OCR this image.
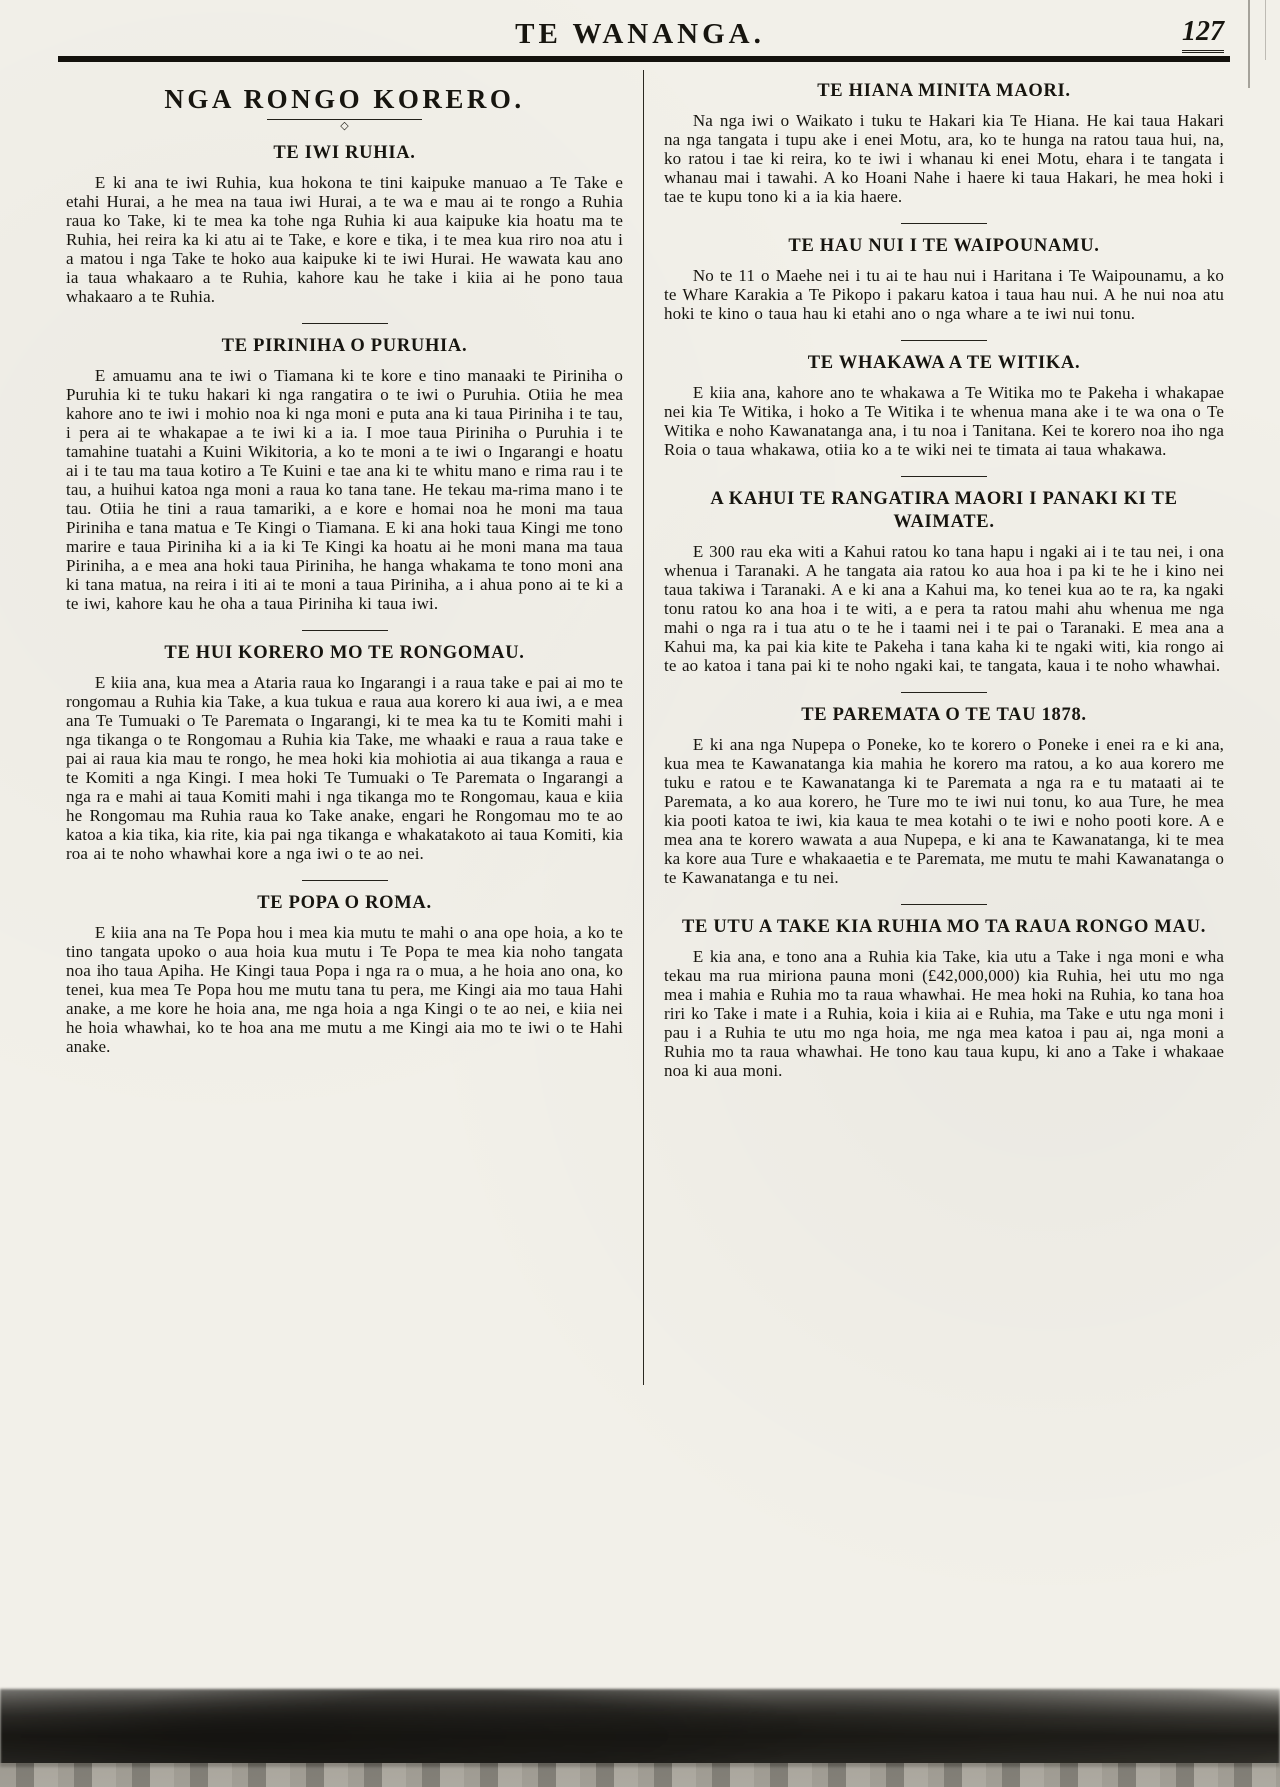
TE WANANGA.	127
NGA RONGO KORERO.
◇
TE IWI RUHIA.

E ki ana te iwi Ruhia, kua hokona te tini kaipuke manuao a Te Take e etahi Hurai, a he mea na taua iwi Hurai, a te wa e mau ai te rongo a Ruhia raua ko Take, ki te mea ka tohe nga Ruhia ki aua kaipuke kia hoatu ma te Ruhia, hei reira ka ki atu ai te Take, e kore e tika, i te mea kua riro noa atu i a matou i nga Take te hoko aua kaipuke ki te iwi Hurai. He wawata kau ano ia taua whakaaro a te Ruhia, kahore kau he take i kiia ai he pono taua whakaaro a te Ruhia.

TE PIRINIHA O PURUHIA.

E amuamu ana te iwi o Tiamana ki te kore e tino manaaki te Piriniha o Puruhia ki te tuku hakari ki nga rangatira o te iwi o Puruhia. Otiia he mea kahore ano te iwi i mohio noa ki nga moni e puta ana ki taua Piriniha i te tau, i pera ai te whakapae a te iwi ki a ia. I moe taua Piriniha o Puruhia i te tamahine tuatahi a Kuini Wikitoria, a ko te moni a te iwi o Ingarangi e hoatu ai i te tau ma taua kotiro a Te Kuini e tae ana ki te whitu mano e rima rau i te tau, a huihui katoa nga moni a raua ko tana tane. He tekau ma-rima mano i te tau. Otiia he tini a raua tamariki, a e kore e homai noa he moni ma taua Piriniha e tana matua e Te Kingi o Tiamana. E ki ana hoki taua Kingi me tono marire e taua Piriniha ki a ia ki Te Kingi ka hoatu ai he moni mana ma taua Piriniha, a e mea ana hoki taua Piriniha, he hanga whakama te tono moni ana ki tana matua, na reira i iti ai te moni a taua Piriniha, a i ahua pono ai te ki a te iwi, kahore kau he oha a taua Piriniha ki taua iwi.

TE HUI KORERO MO TE RONGOMAU.

E kiia ana, kua mea a Ataria raua ko Ingarangi i a raua take e pai ai mo te rongomau a Ruhia kia Take, a kua tukua e raua aua korero ki aua iwi, a e mea ana Te Tumuaki o Te Paremata o Ingarangi, ki te mea ka tu te Komiti mahi i nga tikanga o te Rongomau a Ruhia kia Take, me whaaki e raua a raua take e pai ai raua kia mau te rongo, he mea hoki kia mohiotia ai aua tikanga a raua e te Komiti a nga Kingi. I mea hoki Te Tumuaki o Te Paremata o Ingarangi a nga ra e mahi ai taua Komiti mahi i nga tikanga mo te Rongomau, kaua e kiia he Rongomau ma Ruhia raua ko Take anake, engari he Rongomau mo te ao katoa a kia tika, kia rite, kia pai nga tikanga e whakatakoto ai taua Komiti, kia roa ai te noho whawhai kore a nga iwi o te ao nei.

TE POPA O ROMA.

E kiia ana na Te Popa hou i mea kia mutu te mahi o ana ope hoia, a ko te tino tangata upoko o aua hoia kua mutu i Te Popa te mea kia noho tangata noa iho taua Apiha. He Kingi taua Popa i nga ra o mua, a he hoia ano ona, ko tenei, kua mea Te Popa hou me mutu tana tu pera, me Kingi aia mo taua Hahi anake, a me kore he hoia ana, me nga hoia a nga Kingi o te ao nei, e kiia nei he hoia whawhai, ko te hoa ana me mutu a me Kingi aia mo te iwi o te Hahi anake.

TE HIANA MINITA MAORI.

Na nga iwi o Waikato i tuku te Hakari kia Te Hiana. He kai taua Hakari na nga tangata i tupu ake i enei Motu, ara, ko te hunga na ratou taua hui, na, ko ratou i tae ki reira, ko te iwi i whanau ki enei Motu, ehara i te tangata i whanau mai i tawahi. A ko Hoani Nahe i haere ki taua Hakari, he mea hoki i tae te kupu tono ki a ia kia haere.

TE HAU NUI I TE WAIPOUNAMU.

No te 11 o Maehe nei i tu ai te hau nui i Haritana i Te Waipounamu, a ko te Whare Karakia a Te Pikopo i pakaru katoa i taua hau nui. A he nui noa atu hoki te kino o taua hau ki etahi ano o nga whare a te iwi nui tonu.

TE WHAKAWA A TE WITIKA.

E kiia ana, kahore ano te whakawa a Te Witika mo te Pakeha i whakapae nei kia Te Witika, i hoko a Te Witika i te whenua mana ake i te wa ona o Te Witika e noho Kawanatanga ana, i tu noa i Tanitana. Kei te korero noa iho nga Roia o taua whakawa, otiia ko a te wiki nei te timata ai taua whakawa.

A KAHUI TE RANGATIRA MAORI I PANAKI KI TE WAIMATE.

E 300 rau eka witi a Kahui ratou ko tana hapu i ngaki ai i te tau nei, i ona whenua i Taranaki. A he tangata aia ratou ko aua hoa i pa ki te he i kino nei taua takiwa i Taranaki. A e ki ana a Kahui ma, ko tenei kua ao te ra, ka ngaki tonu ratou ko ana hoa i te witi, a e pera ta ratou mahi ahu whenua me nga mahi o nga ra i tua atu o te he i taami nei i te pai o Taranaki. E mea ana a Kahui ma, ka pai kia kite te Pakeha i tana kaha ki te ngaki witi, kia rongo ai te ao katoa i tana pai ki te noho ngaki kai, te tangata, kaua i te noho whawhai.

TE PAREMATA O TE TAU 1878.

E ki ana nga Nupepa o Poneke, ko te korero o Poneke i enei ra e ki ana, kua mea te Kawanatanga kia mahia he korero ma ratou, a ko aua korero me tuku e ratou e te Kawanatanga ki te Paremata a nga ra e tu mataati ai te Paremata, a ko aua korero, he Ture mo te iwi nui tonu, ko aua Ture, he mea kia pooti katoa te iwi, kia kaua te mea kotahi o te iwi e noho pooti kore. A e mea ana te korero wawata a aua Nupepa, e ki ana te Kawanatanga, ki te mea ka kore aua Ture e whakaaetia e te Paremata, me mutu te mahi Kawanatanga o te Kawanatanga e tu nei.

TE UTU A TAKE KIA RUHIA MO TA RAUA RONGO MAU.

E kia ana, e tono ana a Ruhia kia Take, kia utu a Take i nga moni e wha tekau ma rua miriona pauna moni (£42,000,000) kia Ruhia, hei utu mo nga mea i mahia e Ruhia mo ta raua whawhai. He mea hoki na Ruhia, ko tana hoa riri ko Take i mate i a Ruhia, koia i kiia ai e Ruhia, ma Take e utu nga moni i pau i a Ruhia te utu mo nga hoia, me nga mea katoa i pau ai, nga moni a Ruhia mo ta raua whawhai. He tono kau taua kupu, ki ano a Take i whakaae noa ki aua moni.
